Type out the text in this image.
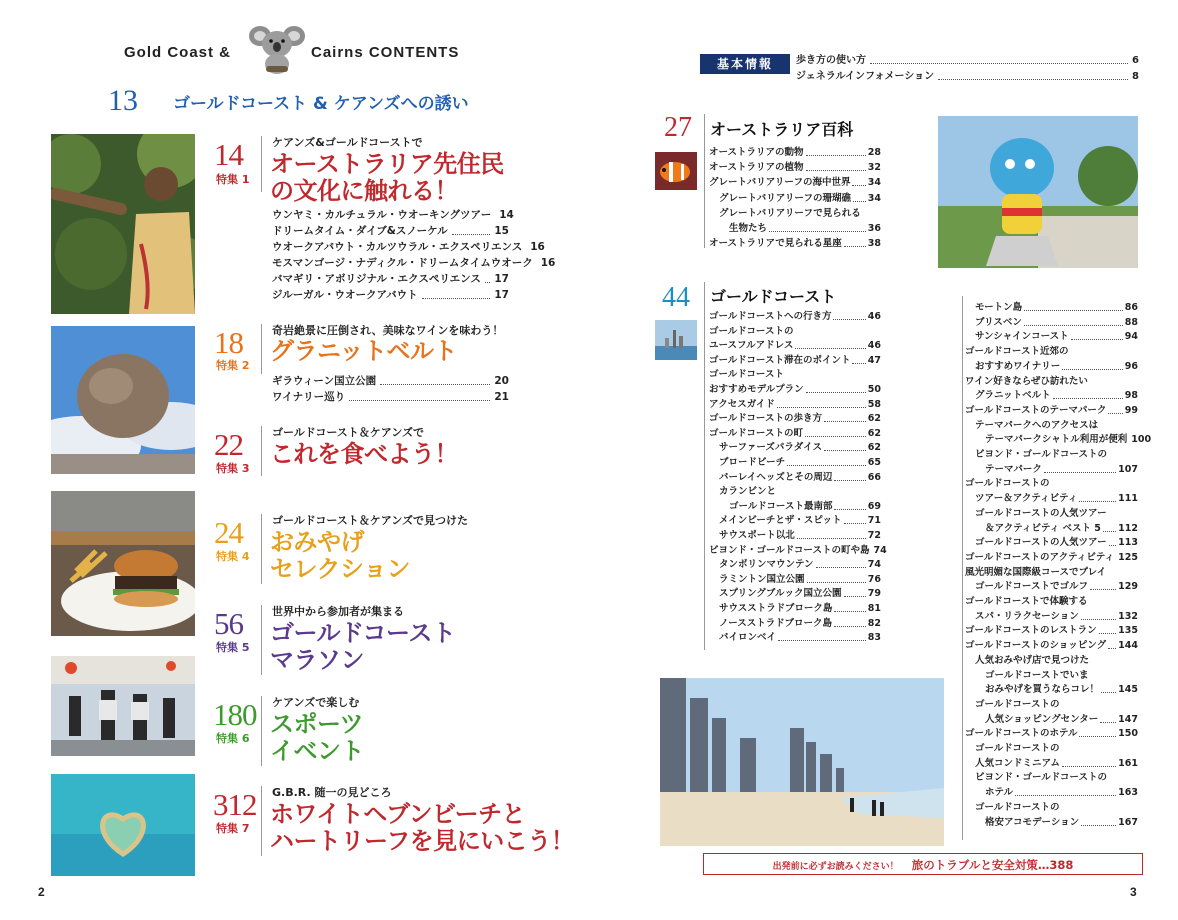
Gold Coast &	Cairns CONTENTS
13 ゴールドコースト & ケアンズへの誘い
14
特集 1
ケアンズ&ゴールドコーストで
オーストラリア先住民
の文化に触れる！
ウンヤミ・カルチュラル・ウオーキングツアー 14
ドリームタイム・ダイブ&スノーケル	15
ウオークアバウト・カルツウラル・エクスペリエンス 16
モスマンゴージ・ナディクル・ドリームタイムウオーク 16
バマギリ・アボリジナル・エクスペリエンス 17
ジルーガル・ウオークアバウト	17
18
特集 2
奇岩絶景に圧倒され、美味なワインを味わう！
グラニットベルト
ギラウィーン国立公園	20
ワイナリー巡り	21
22
特集 3
ゴールドコースト＆ケアンズで
これを食べよう！
24
特集 4
ゴールドコースト＆ケアンズで見つけた
おみやげ
セレクション
56
特集 5
世界中から参加者が集まる
ゴールドコースト
マラソン
180
特集 6
ケアンズで楽しむ
スポーツ
イベント
312
特集 7
G.B.R. 随一の見どころ
ホワイトヘブンビーチと
ハートリーフを見にいこう！
2
基本情報	歩き方の使い方	6
ジェネラルインフォメーション	8
27 オーストラリア百科
オーストラリアの動物	28
オーストラリアの植物	32
グレートバリアリーフの海中世界 34
グレートバリアリーフの珊瑚礁 34
グレートバリアリーフで見られる
生物たち	36
オーストラリアで見られる星座	38
44 ゴールドコースト
ゴールドコーストへの行き方	46
ゴールドコーストの
ユースフルアドレス	46
ゴールドコースト滞在のポイント 47
ゴールドコースト
おすすめモデルプラン	50
アクセスガイド	58
ゴールドコーストの歩き方	62
ゴールドコーストの町	62
サーファーズパラダイス	62
ブロードビーチ	65
バーレイヘッズとその周辺	66
カランビンと
ゴールドコースト最南部	69
メインビーチとザ・スピット	71
サウスポート以北	72
ビヨンド・ゴールドコーストの町や島 74
タンボリンマウンテン	74
ラミントン国立公園	76
スプリングブルック国立公園	79
サウスストラドブローク島	81
ノースストラドブローク島	82
バイロンベイ	83
モートン島	86
ブリスベン	88
サンシャインコースト	94
ゴールドコースト近郊の
おすすめワイナリー	96
ワイン好きならぜひ訪れたい
グラニットベルト	98
ゴールドコーストのテーマパーク 99
テーマパークへのアクセスは
テーマパークシャトル利用が便利 100
ビヨンド・ゴールドコーストの
テーマパーク	107
ゴールドコーストの
ツアー＆アクティビティ	111
ゴールドコーストの人気ツアー
＆アクティビティ ベスト 5 112
ゴールドコーストの人気ツアー 113
ゴールドコーストのアクティビティ 125
風光明媚な国際級コースでプレイ
ゴールドコーストでゴルフ	129
ゴールドコーストで体験する
スパ・リラクセーション	132
ゴールドコーストのレストラン 135
ゴールドコーストのショッピング 144
人気おみやげ店で見つけた
ゴールドコーストでいま
おみやげを買うならコレ！ 145
ゴールドコーストの
人気ショッピングセンター 147
ゴールドコーストのホテル	150
ゴールドコーストの
人気コンドミニアム	161
ビヨンド・ゴールドコーストの
ホテル	163
ゴールドコーストの
格安アコモデーション	167
出発前に必ずお読みください！ 旅のトラブルと安全対策…388
3
